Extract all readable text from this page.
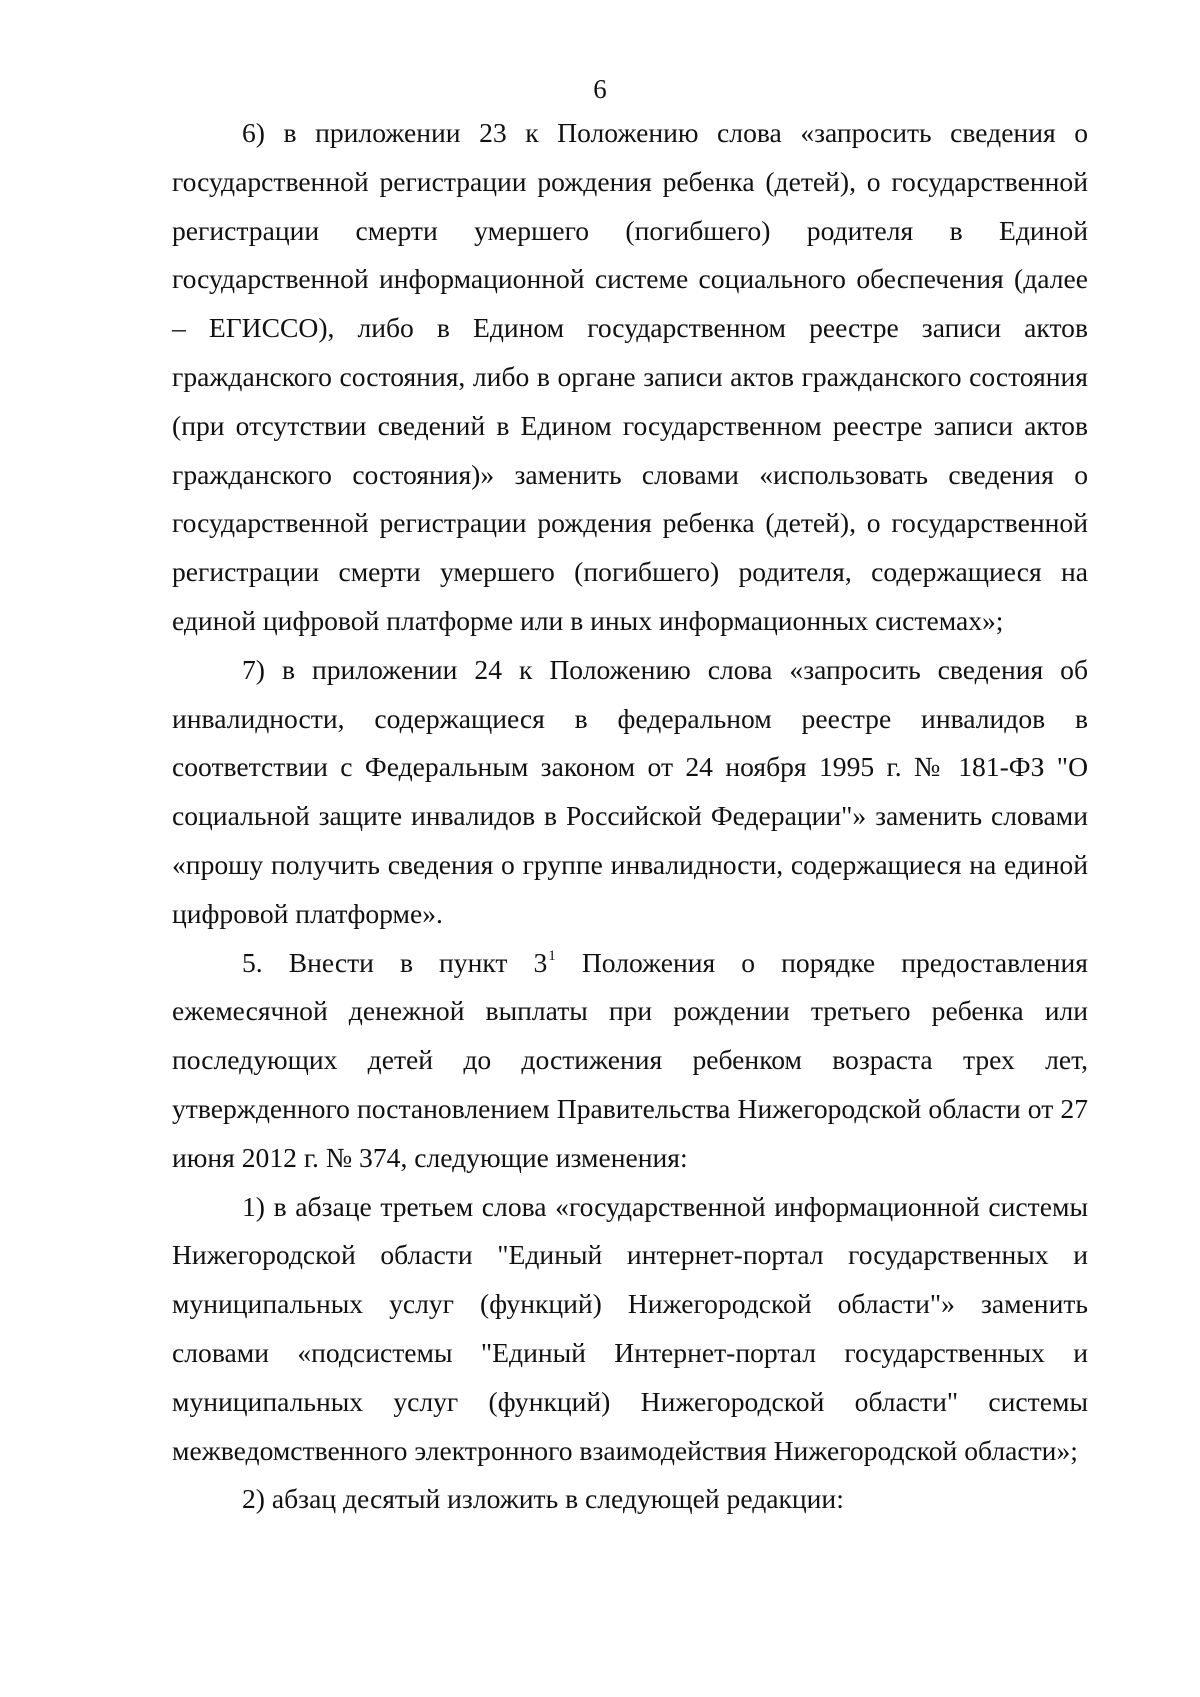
6

6) в приложении 23 к Положению слова «запросить сведения о государственной регистрации рождения ребенка (детей), о государственной регистрации смерти умершего (погибшего) родителя в Единой государственной информационной системе социального обеспечения (далее – ЕГИССО), либо в Едином государственном реестре записи актов гражданского состояния, либо в органе записи актов гражданского состояния (при отсутствии сведений в Едином государственном реестре записи актов гражданского состояния)» заменить словами «использовать сведения о государственной регистрации рождения ребенка (детей), о государственной регистрации смерти умершего (погибшего) родителя, содержащиеся на единой цифровой платформе или в иных информационных системах»;

7) в приложении 24 к Положению слова «запросить сведения об инвалидности, содержащиеся в федеральном реестре инвалидов в соответствии с Федеральным законом от 24 ноября 1995 г. № 181-ФЗ "О социальной защите инвалидов в Российской Федерации"» заменить словами «прошу получить сведения о группе инвалидности, содержащиеся на единой цифровой платформе».

5. Внести в пункт $3^1$ Положения о порядке предоставления ежемесячной денежной выплаты при рождении третьего ребенка или последующих детей до достижения ребенком возраста трех лет, утвержденного постановлением Правительства Нижегородской области от 27 июня 2012 г. № 374, следующие изменения:

1) в абзаце третьем слова «государственной информационной системы Нижегородской области "Единый интернет-портал государственных и муниципальных услуг (функций) Нижегородской области"» заменить словами «подсистемы "Единый Интернет-портал государственных и муниципальных услуг (функций) Нижегородской области" системы межведомственного электронного взаимодействия Нижегородской области»;

2) абзац десятый изложить в следующей редакции:
